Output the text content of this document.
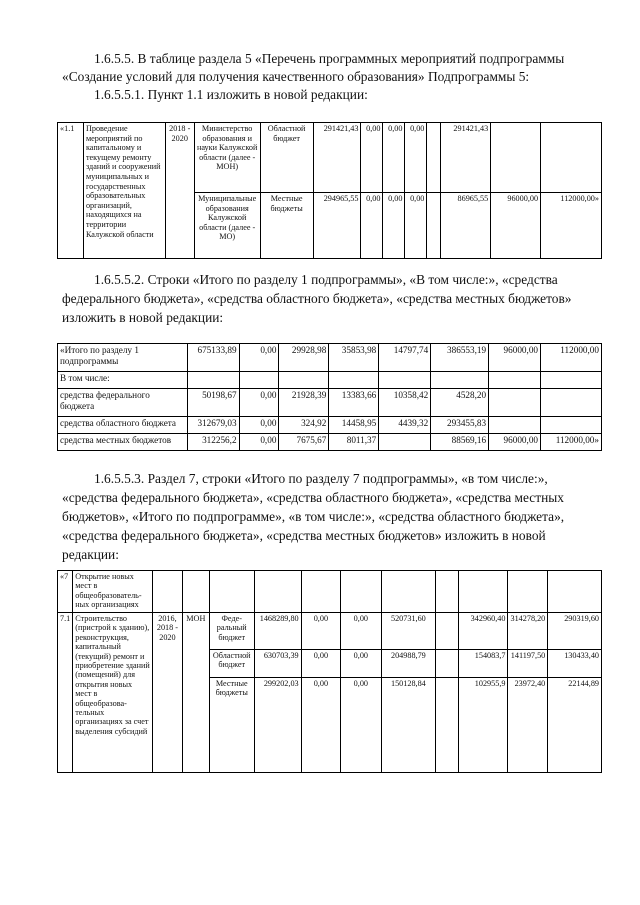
1.6.5.5. В таблице раздела 5 «Перечень программных мероприятий подпрограммы
«Создание условий для получения качественного образования» Подпрограммы 5:
1.6.5.5.1. Пункт 1.1 изложить в новой редакции:
«1.1	Проведение мероприятий по капитальному и текущему ремонту зданий и сооружений муниципальных и государственных образовательных организаций, находящихся на территории Калужской области	2018 - 2020	Министерство образования и науки Калужской области (далее - МОН)	Областной бюджет	291421,43	0,00	0,00	0,00		291421,43		
			Муниципальные образования Калужской области (далее - МО)	Местные бюджеты	294965,55	0,00	0,00	0,00		86965,55	96000,00	112000,00»
1.6.5.5.2. Строки «Итого по разделу 1 подпрограммы», «В том числе:», «средства
федерального бюджета», «средства областного бюджета», «средства местных бюджетов»
изложить в новой редакции:
«Итого по разделу 1 подпрограммы	675133,89	0,00	29928,98	35853,98	14797,74	386553,19	96000,00	112000,00
В том числе:								
средства федерального бюджета	50198,67	0,00	21928,39	13383,66	10358,42	4528,20		
средства областного бюджета	312679,03	0,00	324,92	14458,95	4439,32	293455,83		
средства местных бюджетов	312256,2	0,00	7675,67	8011,37		88569,16	96000,00	112000,00»
1.6.5.5.3. Раздел 7, строки «Итого по разделу 7 подпрограммы», «в том числе:»,
«средства федерального бюджета», «средства областного бюджета», «средства местных
бюджетов», «Итого по подпрограмме», «в том числе:», «средства областного бюджета»,
«средства федерального бюджета», «средства местных бюджетов» изложить в новой
редакции:
«7	Открытие новых мест в общеобразователь-ных организациях											
7.1	Строительство (пристрой к зданию), реконструкция, капитальный (текущий) ремонт и приобретение зданий (помещений) для открытия новых мест в общеобразова-тельных организациях за счет выделения субсидий	2016, 2018 - 2020	МОН	Феде-ральный бюджет	1468289,80	0,00	0,00	520731,60		342960,40	314278,20	290319,60
				Областной бюджет	630703,39	0,00	0,00	204988,79		154083,7	141197,50	130433,40
				Местные бюджеты	299202,03	0,00	0,00	150128,84		102955,9	23972,40	22144,89
